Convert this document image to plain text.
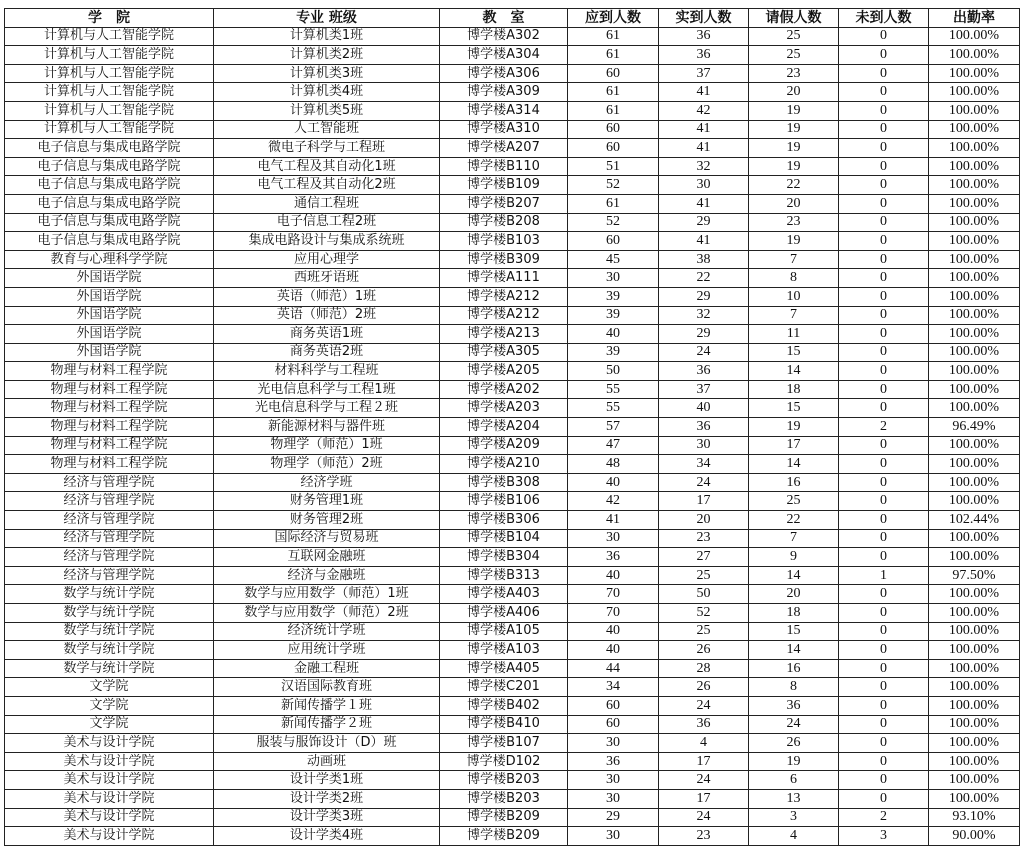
学　院	专业 班级	教　室	应到人数	实到人数	请假人数	未到人数	出勤率
计算机与人工智能学院	计算机类1班	博学楼A302	61	36	25	0	100.00%
计算机与人工智能学院	计算机类2班	博学楼A304	61	36	25	0	100.00%
计算机与人工智能学院	计算机类3班	博学楼A306	60	37	23	0	100.00%
计算机与人工智能学院	计算机类4班	博学楼A309	61	41	20	0	100.00%
计算机与人工智能学院	计算机类5班	博学楼A314	61	42	19	0	100.00%
计算机与人工智能学院	人工智能班	博学楼A310	60	41	19	0	100.00%
电子信息与集成电路学院	微电子科学与工程班	博学楼A207	60	41	19	0	100.00%
电子信息与集成电路学院	电气工程及其自动化1班	博学楼B110	51	32	19	0	100.00%
电子信息与集成电路学院	电气工程及其自动化2班	博学楼B109	52	30	22	0	100.00%
电子信息与集成电路学院	通信工程班	博学楼B207	61	41	20	0	100.00%
电子信息与集成电路学院	电子信息工程2班	博学楼B208	52	29	23	0	100.00%
电子信息与集成电路学院	集成电路设计与集成系统班	博学楼B103	60	41	19	0	100.00%
教育与心理科学学院	应用心理学	博学楼B309	45	38	7	0	100.00%
外国语学院	西班牙语班	博学楼A111	30	22	8	0	100.00%
外国语学院	英语（师范）1班	博学楼A212	39	29	10	0	100.00%
外国语学院	英语（师范）2班	博学楼A212	39	32	7	0	100.00%
外国语学院	商务英语1班	博学楼A213	40	29	11	0	100.00%
外国语学院	商务英语2班	博学楼A305	39	24	15	0	100.00%
物理与材料工程学院	材料科学与工程班	博学楼A205	50	36	14	0	100.00%
物理与材料工程学院	光电信息科学与工程1班	博学楼A202	55	37	18	0	100.00%
物理与材料工程学院	光电信息科学与工程２班	博学楼A203	55	40	15	0	100.00%
物理与材料工程学院	新能源材料与器件班	博学楼A204	57	36	19	2	96.49%
物理与材料工程学院	物理学（师范）1班	博学楼A209	47	30	17	0	100.00%
物理与材料工程学院	物理学（师范）2班	博学楼A210	48	34	14	0	100.00%
经济与管理学院	经济学班	博学楼B308	40	24	16	0	100.00%
经济与管理学院	财务管理1班	博学楼B106	42	17	25	0	100.00%
经济与管理学院	财务管理2班	博学楼B306	41	20	22	0	102.44%
经济与管理学院	国际经济与贸易班	博学楼B104	30	23	7	0	100.00%
经济与管理学院	互联网金融班	博学楼B304	36	27	9	0	100.00%
经济与管理学院	经济与金融班	博学楼B313	40	25	14	1	97.50%
数学与统计学院	数学与应用数学（师范）1班	博学楼A403	70	50	20	0	100.00%
数学与统计学院	数学与应用数学（师范）2班	博学楼A406	70	52	18	0	100.00%
数学与统计学院	经济统计学班	博学楼A105	40	25	15	0	100.00%
数学与统计学院	应用统计学班	博学楼A103	40	26	14	0	100.00%
数学与统计学院	金融工程班	博学楼A405	44	28	16	0	100.00%
文学院	汉语国际教育班	博学楼C201	34	26	8	0	100.00%
文学院	新闻传播学１班	博学楼B402	60	24	36	0	100.00%
文学院	新闻传播学２班	博学楼B410	60	36	24	0	100.00%
美术与设计学院	服装与服饰设计（D）班	博学楼B107	30	4	26	0	100.00%
美术与设计学院	动画班	博学楼D102	36	17	19	0	100.00%
美术与设计学院	设计学类1班	博学楼B203	30	24	6	0	100.00%
美术与设计学院	设计学类2班	博学楼B203	30	17	13	0	100.00%
美术与设计学院	设计学类3班	博学楼B209	29	24	3	2	93.10%
美术与设计学院	设计学类4班	博学楼B209	30	23	4	3	90.00%
